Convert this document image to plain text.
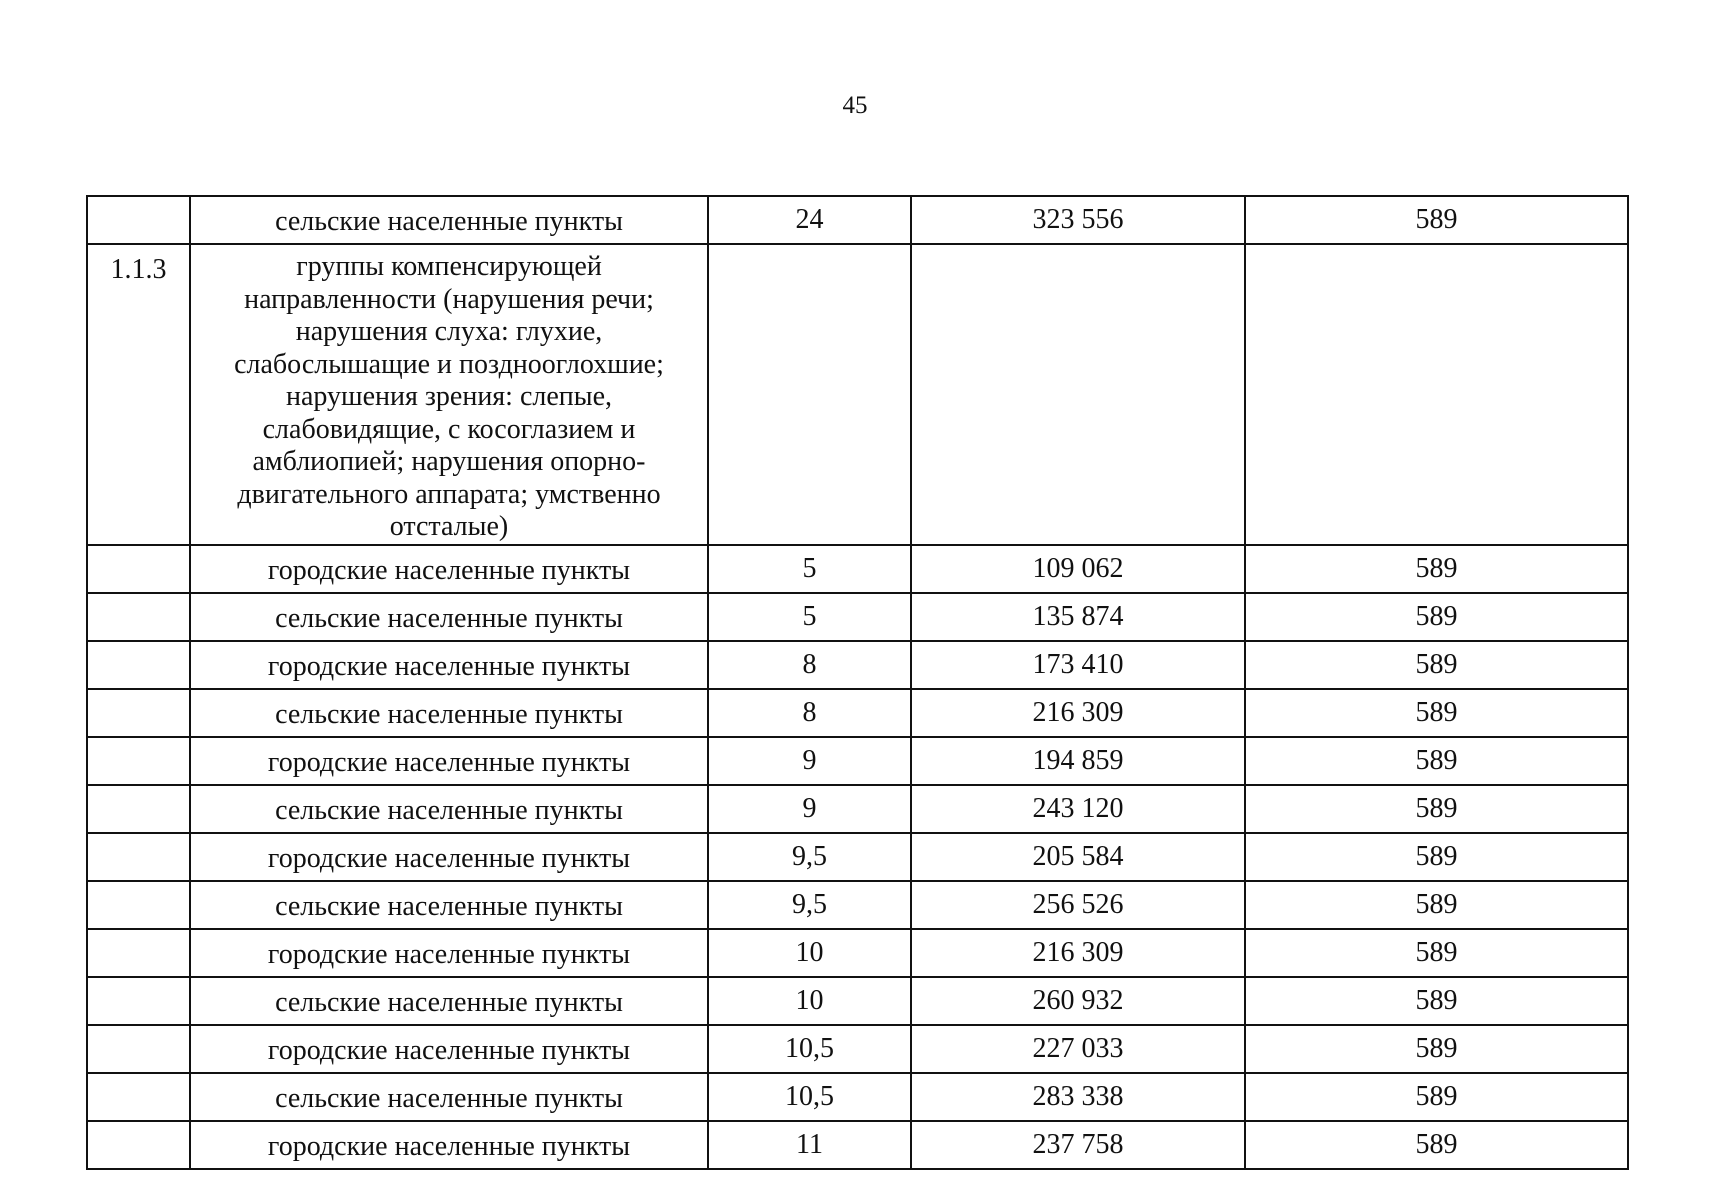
45
	сельские населенные пункты	24	323 556	589
1.1.3	группы компенсирующей направленности (нарушения речи; нарушения слуха: глухие, слабослышащие и позднооглохшие; нарушения зрения: слепые, слабовидящие, с косоглазием и амблиопией; нарушения опорно-двигательного аппарата; умственно отсталые)			
	городские населенные пункты	5	109 062	589
	сельские населенные пункты	5	135 874	589
	городские населенные пункты	8	173 410	589
	сельские населенные пункты	8	216 309	589
	городские населенные пункты	9	194 859	589
	сельские населенные пункты	9	243 120	589
	городские населенные пункты	9,5	205 584	589
	сельские населенные пункты	9,5	256 526	589
	городские населенные пункты	10	216 309	589
	сельские населенные пункты	10	260 932	589
	городские населенные пункты	10,5	227 033	589
	сельские населенные пункты	10,5	283 338	589
	городские населенные пункты	11	237 758	589
